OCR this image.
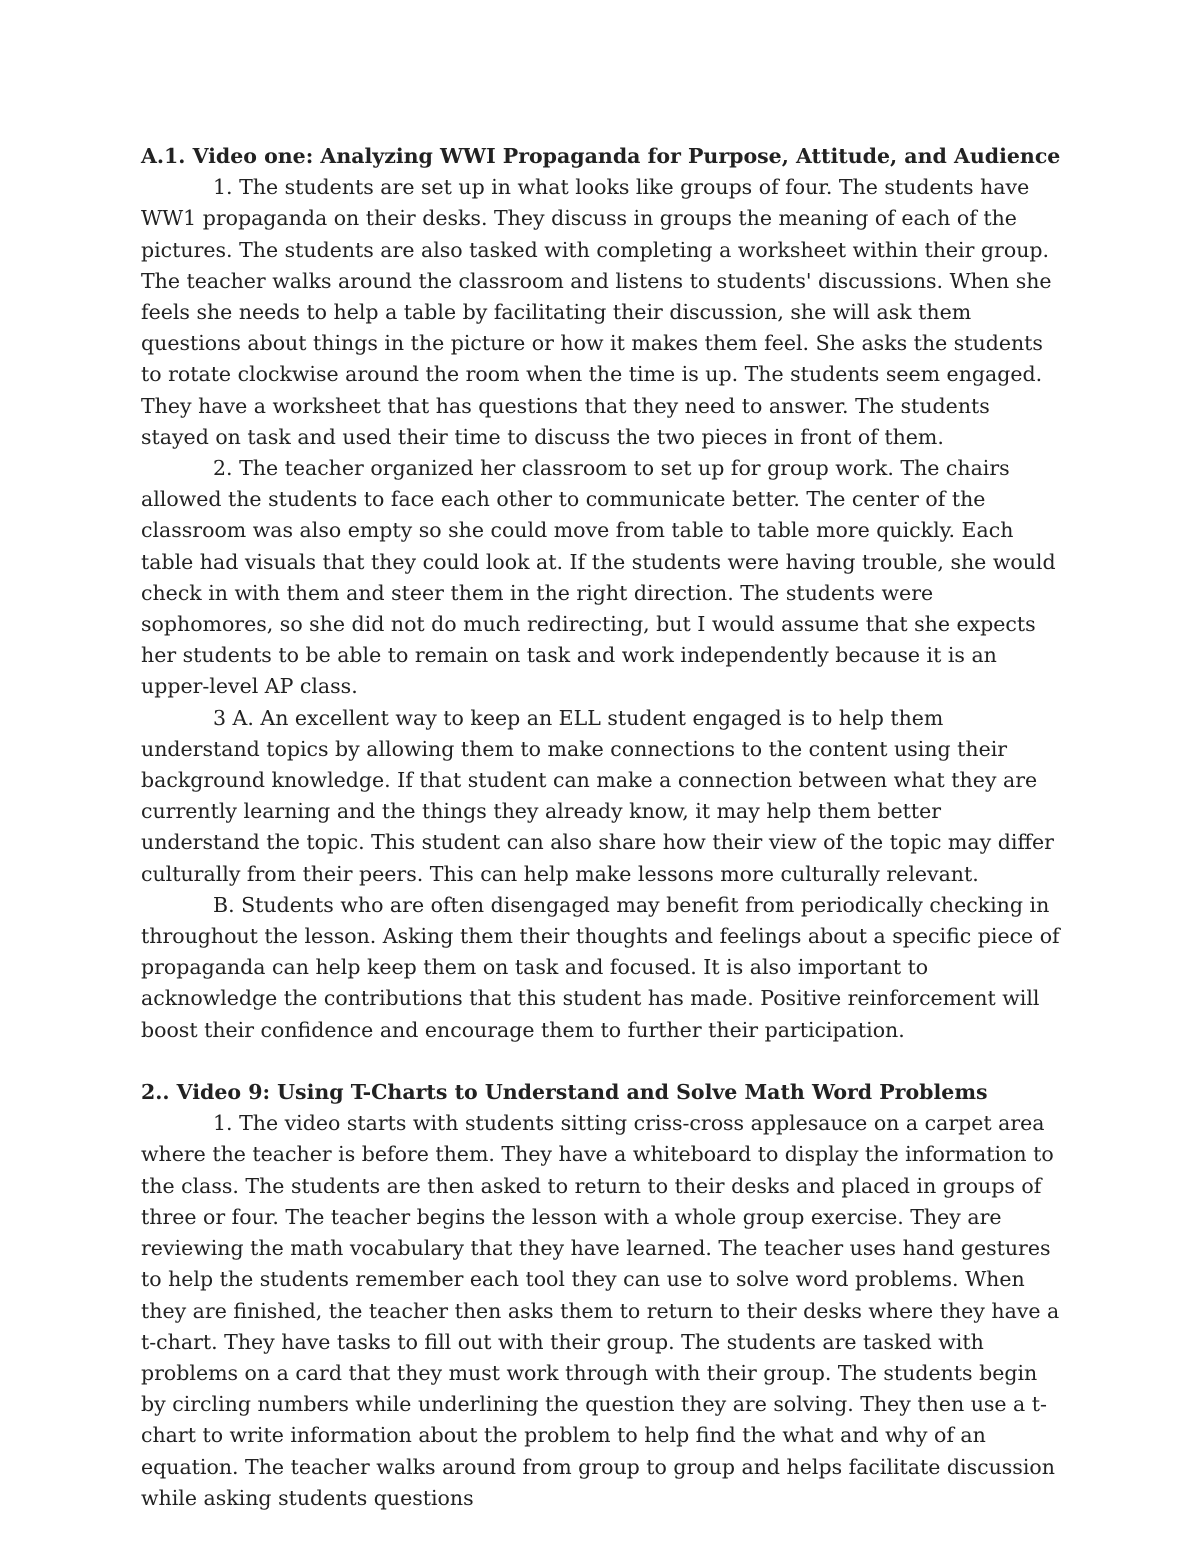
A.1. Video one: Analyzing WWI Propaganda for Purpose, Attitude, and Audience

1. The students are set up in what looks like groups of four. The students have WW1 propaganda on their desks. They discuss in groups the meaning of each of the pictures. The students are also tasked with completing a worksheet within their group. The teacher walks around the classroom and listens to students' discussions. When she feels she needs to help a table by facilitating their discussion, she will ask them questions about things in the picture or how it makes them feel. She asks the students to rotate clockwise around the room when the time is up. The students seem engaged. They have a worksheet that has questions that they need to answer. The students stayed on task and used their time to discuss the two pieces in front of them.

2. The teacher organized her classroom to set up for group work. The chairs allowed the students to face each other to communicate better. The center of the classroom was also empty so she could move from table to table more quickly. Each table had visuals that they could look at. If the students were having trouble, she would check in with them and steer them in the right direction. The students were sophomores, so she did not do much redirecting, but I would assume that she expects her students to be able to remain on task and work independently because it is an upper-level AP class.

3 A. An excellent way to keep an ELL student engaged is to help them understand topics by allowing them to make connections to the content using their background knowledge. If that student can make a connection between what they are currently learning and the things they already know, it may help them better understand the topic. This student can also share how their view of the topic may differ culturally from their peers. This can help make lessons more culturally relevant.

B. Students who are often disengaged may benefit from periodically checking in throughout the lesson. Asking them their thoughts and feelings about a specific piece of propaganda can help keep them on task and focused. It is also important to acknowledge the contributions that this student has made. Positive reinforcement will boost their confidence and encourage them to further their participation.

2.. Video 9: Using T-Charts to Understand and Solve Math Word Problems

1. The video starts with students sitting criss-cross applesauce on a carpet area where the teacher is before them. They have a whiteboard to display the information to the class. The students are then asked to return to their desks and placed in groups of three or four. The teacher begins the lesson with a whole group exercise. They are reviewing the math vocabulary that they have learned. The teacher uses hand gestures to help the students remember each tool they can use to solve word problems. When they are finished, the teacher then asks them to return to their desks where they have a t-chart. They have tasks to fill out with their group. The students are tasked with problems on a card that they must work through with their group. The students begin by circling numbers while underlining the question they are solving. They then use a t-chart to write information about the problem to help find the what and why of an equation. The teacher walks around from group to group and helps facilitate discussion while asking students questions
